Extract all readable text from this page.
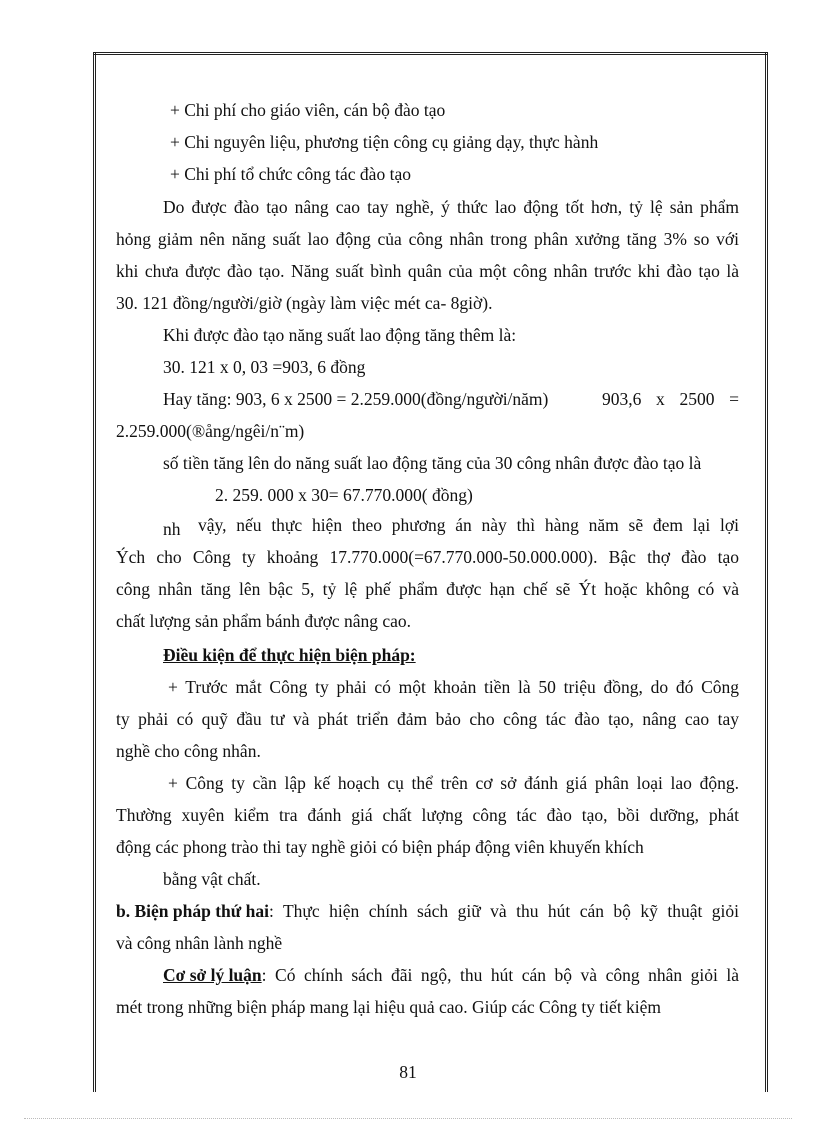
+ Chi phí cho giáo viên, cán bộ đào tạo
+ Chi nguyên liệu, phương tiện công cụ giảng dạy, thực hành
+ Chi phí tổ chức công tác đào tạo
Do được đào tạo nâng cao tay nghề, ý thức lao động tốt hơn, tỷ lệ sản phẩm
hỏng giảm nên năng suất lao động của công nhân trong phân xưởng tăng 3% so với
khi chưa được đào tạo. Năng suất bình quân của một công nhân trước khi đào tạo là
30. 121 đồng/người/giờ (ngày làm việc mét ca- 8giờ).
Khi được đào tạo năng suất lao động tăng thêm là:
30. 121 x 0, 03 =903, 6 đồng
Hay tăng: 903, 6 x 2500 = 2.259.000(đồng/người/năm)	903,6 x 2500 =
2.259.000(®ång/ngêi/n¨m)
số tiền tăng lên do năng suất lao động tăng của 30 công nhân được đào tạo là
2. 259. 000 x 30= 67.770.000( đồng)
nh vậy, nếu thực hiện theo phương án này thì hàng năm sẽ đem lại lợi
Ých cho Công ty khoảng 17.770.000(=67.770.000-50.000.000). Bậc thợ đào tạo
công nhân tăng lên bậc 5, tỷ lệ phế phẩm được hạn chế sẽ Ýt hoặc không có và
chất lượng sản phẩm bánh được nâng cao.
Điều kiện để thực hiện biện pháp:
+ Trước mắt Công ty phải có một khoản tiền là 50 triệu đồng, do đó Công
ty phải có quỹ đầu tư và phát triển đảm bảo cho công tác đào tạo, nâng cao tay
nghề cho công nhân.
+ Công ty cần lập kế hoạch cụ thể trên cơ sở đánh giá phân loại lao động.
Thường xuyên kiểm tra đánh giá chất lượng công tác đào tạo, bồi dưỡng, phát
động các phong trào thi tay nghề giỏi có biện pháp động viên khuyến khích
bằng vật chất.
b. Biện pháp thứ hai : Thực hiện chính sách giữ và thu hút cán bộ kỹ thuật giỏi
và công nhân lành nghề
Cơ sở lý luận : Có chính sách đãi ngộ, thu hút cán bộ và công nhân giỏi là
mét trong những biện pháp mang lại hiệu quả cao. Giúp các Công ty tiết kiệm
81
